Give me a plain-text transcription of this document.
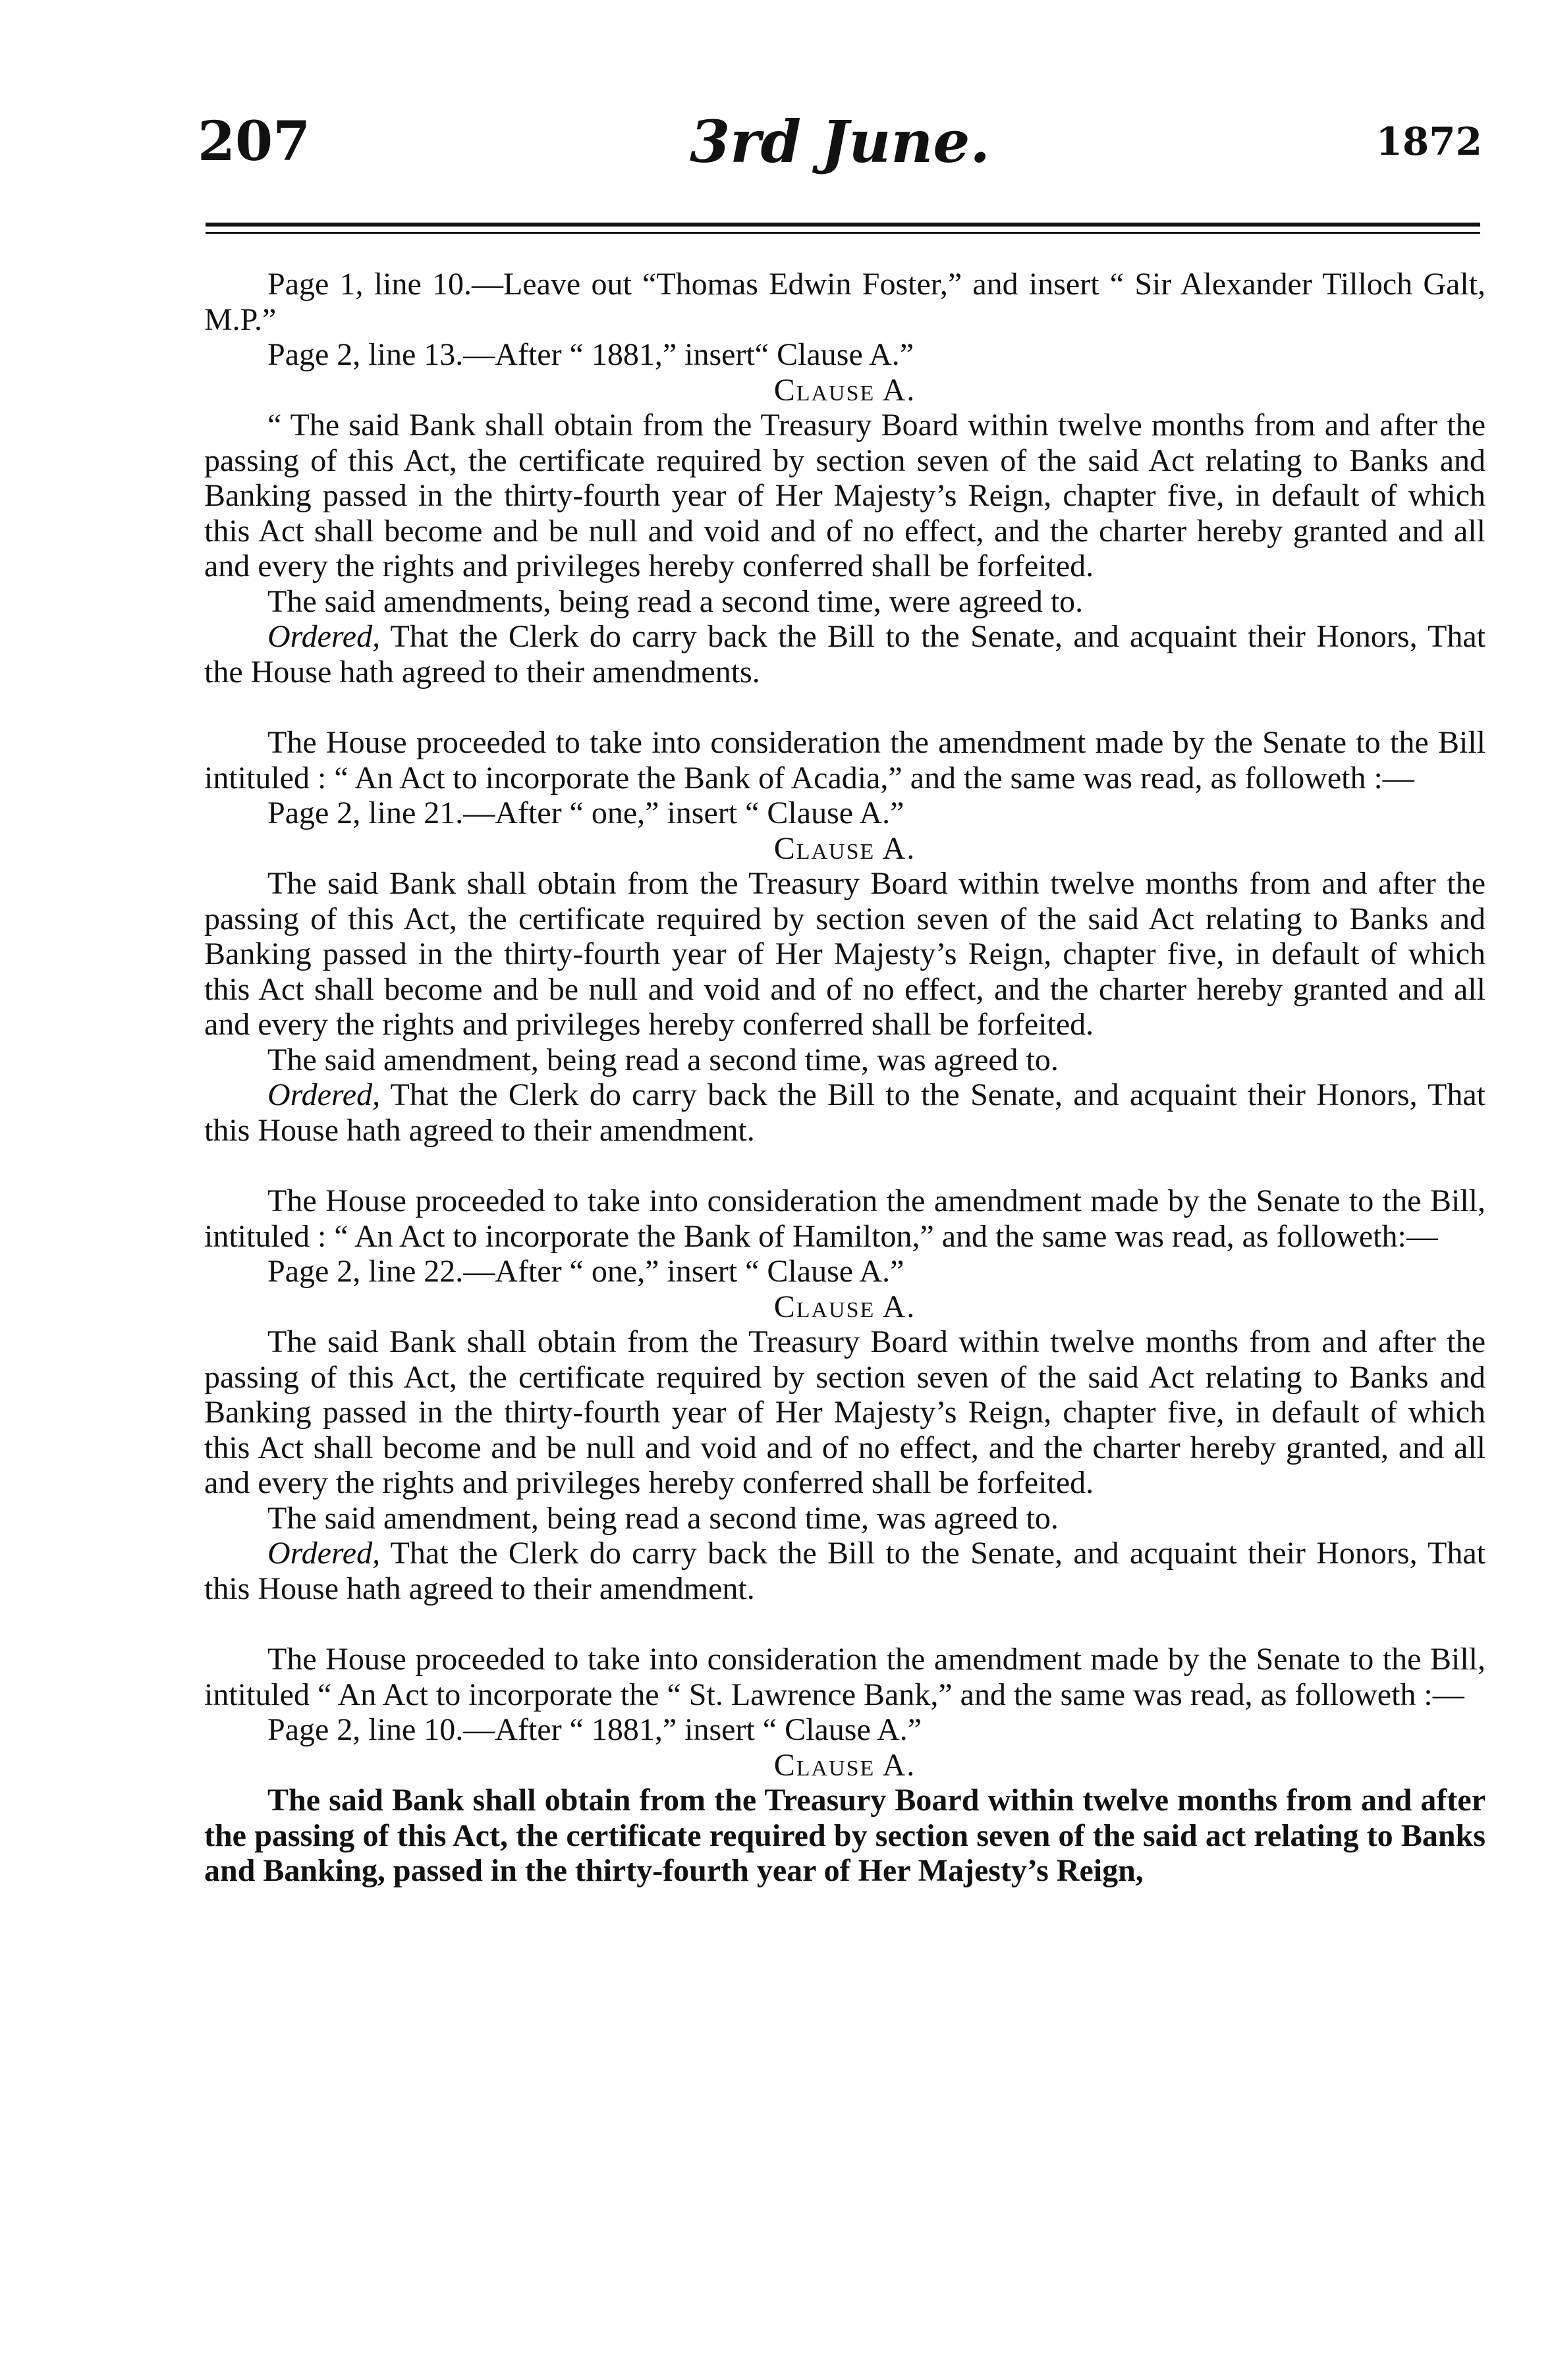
207	3rd June.	1872

Page 1, line 10.—Leave out “Thomas Edwin Foster,” and insert “ Sir Alexander Tilloch Galt, M.P.”

Page 2, line 13.—After “ 1881,” insert“ Clause A.”

Clause A.

“ The said Bank shall obtain from the Treasury Board within twelve months from and after the passing of this Act, the certificate required by section seven of the said Act relating to Banks and Banking passed in the thirty-fourth year of Her Majesty’s Reign, chapter five, in default of which this Act shall become and be null and void and of no effect, and the charter hereby granted and all and every the rights and privileges hereby conferred shall be forfeited.

The said amendments, being read a second time, were agreed to.

Ordered, That the Clerk do carry back the Bill to the Senate, and acquaint their Honors, That the House hath agreed to their amendments.

The House proceeded to take into consideration the amendment made by the Senate to the Bill intituled : “ An Act to incorporate the Bank of Acadia,” and the same was read, as followeth :—

Page 2, line 21.—After “ one,” insert “ Clause A.”

Clause A.

The said Bank shall obtain from the Treasury Board within twelve months from and after the passing of this Act, the certificate required by section seven of the said Act relating to Banks and Banking passed in the thirty-fourth year of Her Majesty’s Reign, chapter five, in default of which this Act shall become and be null and void and of no effect, and the charter hereby granted and all and every the rights and privileges hereby conferred shall be forfeited.

The said amendment, being read a second time, was agreed to.

Ordered, That the Clerk do carry back the Bill to the Senate, and acquaint their Honors, That this House hath agreed to their amendment.

The House proceeded to take into consideration the amendment made by the Senate to the Bill, intituled : “ An Act to incorporate the Bank of Hamilton,” and the same was read, as followeth:—

Page 2, line 22.—After “ one,” insert “ Clause A.”

Clause A.

The said Bank shall obtain from the Treasury Board within twelve months from and after the passing of this Act, the certificate required by section seven of the said Act relating to Banks and Banking passed in the thirty-fourth year of Her Majesty’s Reign, chapter five, in default of which this Act shall become and be null and void and of no effect, and the charter hereby granted, and all and every the rights and privileges hereby conferred shall be forfeited.

The said amendment, being read a second time, was agreed to.

Ordered, That the Clerk do carry back the Bill to the Senate, and acquaint their Honors, That this House hath agreed to their amendment.

The House proceeded to take into consideration the amendment made by the Senate to the Bill, intituled “ An Act to incorporate the “ St. Lawrence Bank,” and the same was read, as followeth :—

Page 2, line 10.—After “ 1881,” insert “ Clause A.”

Clause A.

The said Bank shall obtain from the Treasury Board within twelve months from and after the passing of this Act, the certificate required by section seven of the said act relating to Banks and Banking, passed in the thirty-fourth year of Her Majesty’s Reign,
